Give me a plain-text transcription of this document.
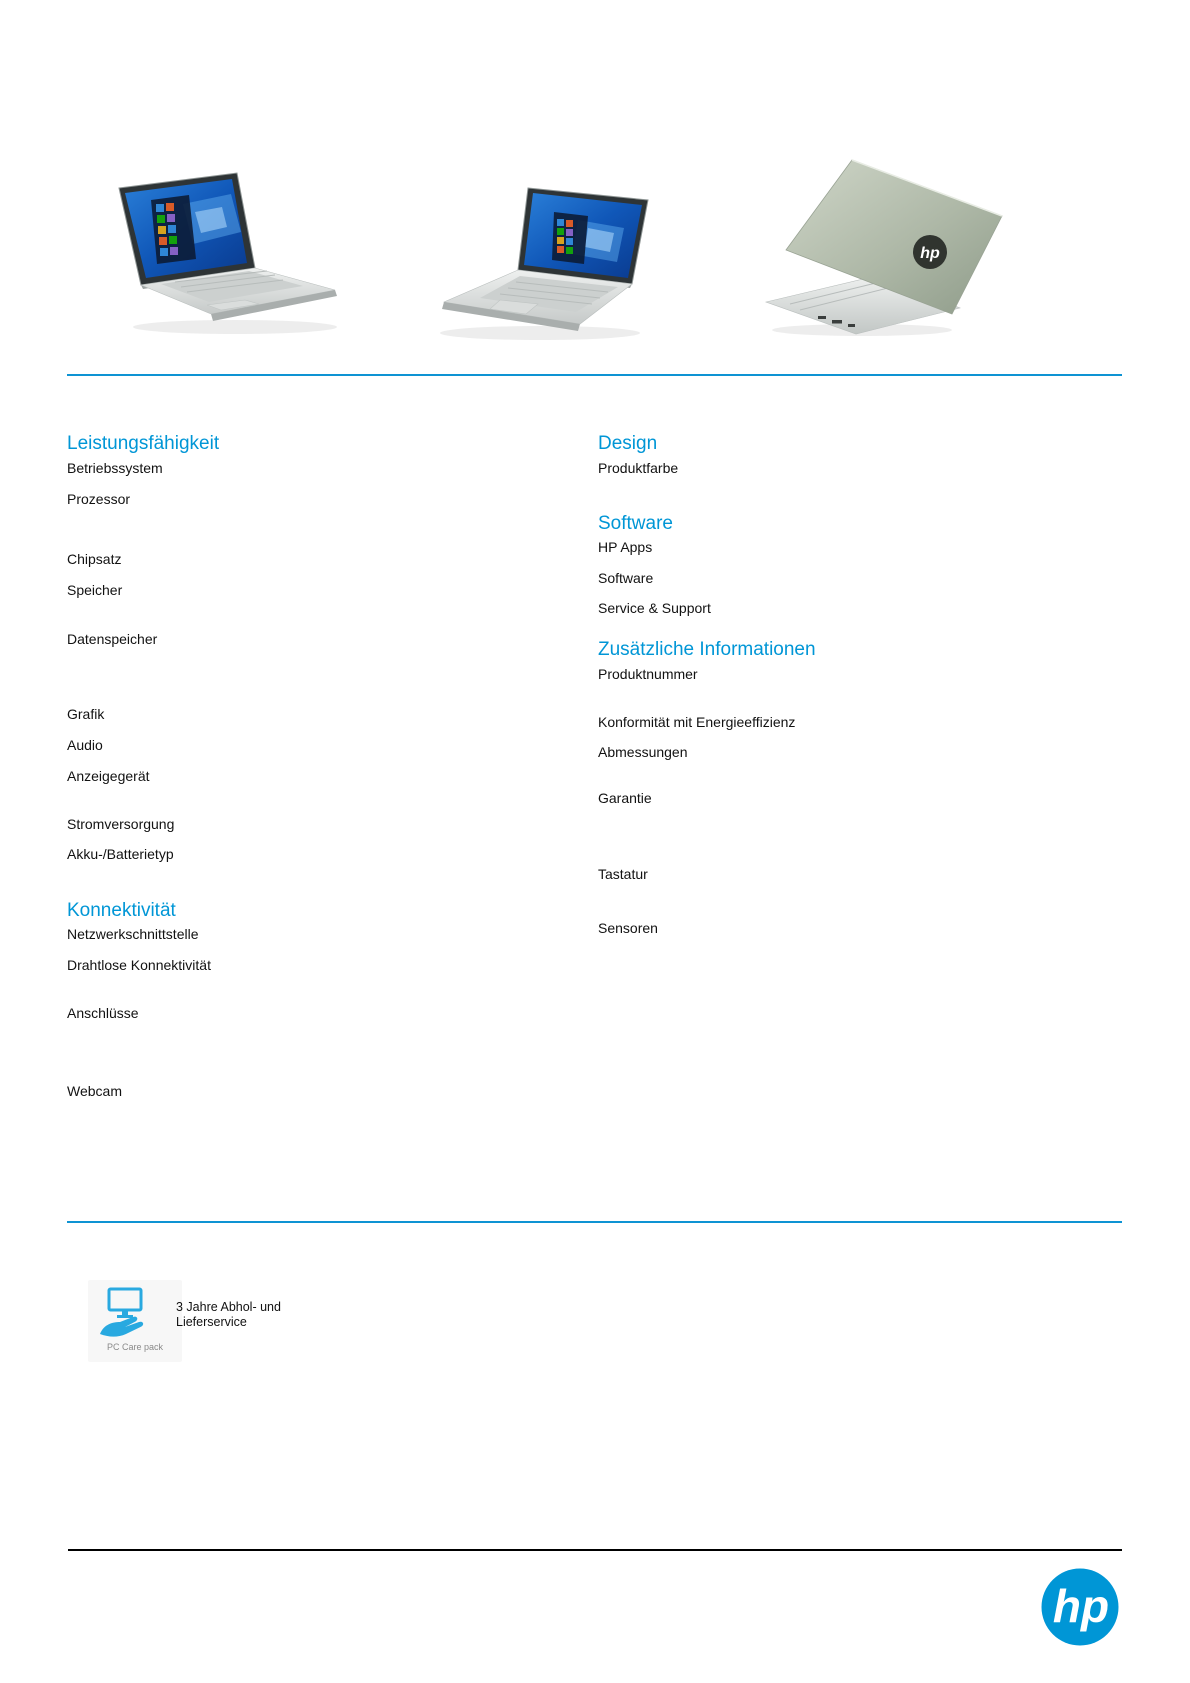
hp
Leistungsfähigkeit
Betriebssystem
Prozessor
Chipsatz
Speicher
Datenspeicher
Grafik
Audio
Anzeigegerät
Stromversorgung
Akku-/Batterietyp
Konnektivität
Netzwerkschnittstelle
Drahtlose Konnektivität
Anschlüsse
Webcam
Design
Produktfarbe
Software
HP Apps
Software
Service & Support
Zusätzliche Informationen
Produktnummer
Konformität mit Energieeffizienz
Abmessungen
Garantie
Tastatur
Sensoren
PC Care pack
3 Jahre Abhol- und
Lieferservice
hp
